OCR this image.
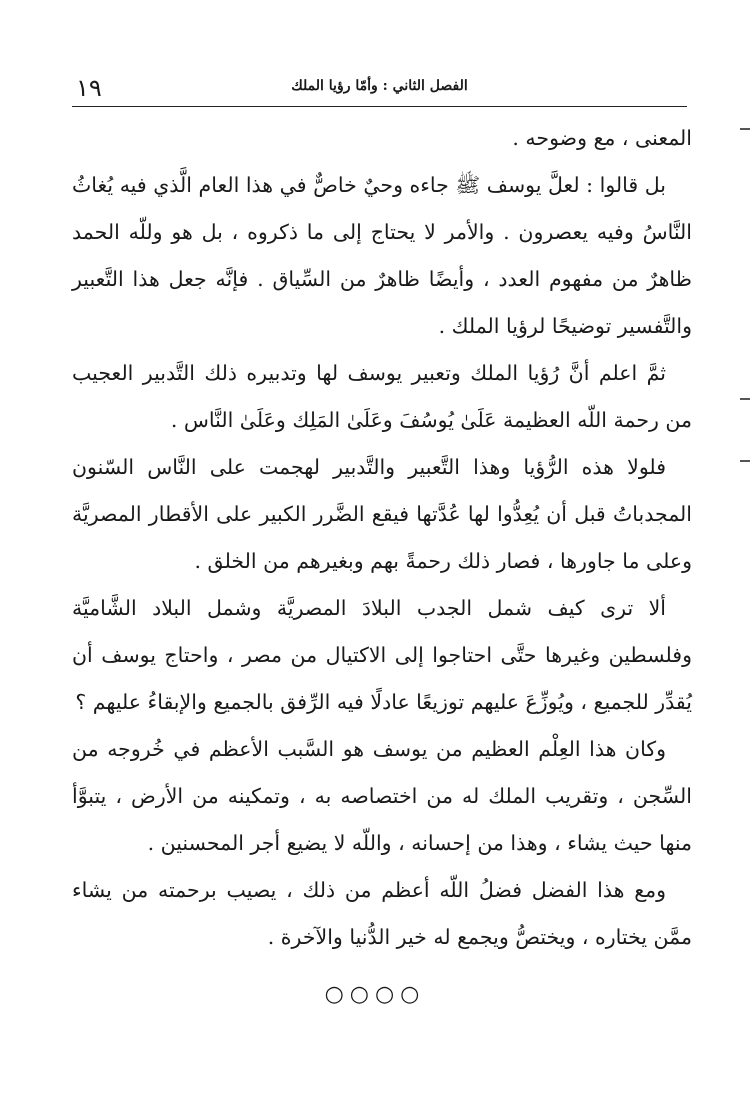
١٩	الفصل الثاني : وأمّا رؤيا الملك

المعنى ، مع وضوحه .

بل قالوا : لعلَّ يوسف ﷺ جاءه وحيٌ خاصٌّ في هذا العام الَّذي فيه يُغاثُ النَّاسُ وفيه يعصرون . والأمر لا يحتاج إلى ما ذكروه ، بل هو وللّه الحمد ظاهرٌ من مفهوم العدد ، وأيضًا ظاهرٌ من السِّياق . فإنَّه جعل هذا التَّعبير والتَّفسير توضيحًا لرؤيا الملك .

ثمَّ اعلم أنَّ رُؤيا الملك وتعبير يوسف لها وتدبيره ذلك التَّدبير العجيب من رحمة اللّه العظيمة عَلَىٰ يُوسُفَ وعَلَىٰ المَلِك وعَلَىٰ النَّاس .

فلولا هذه الرُّؤيا وهذا التَّعبير والتَّدبير لهجمت على النَّاس السّنون المجدباتُ قبل أن يُعِدُّوا لها عُدَّتها فيقع الضَّرر الكبير على الأقطار المصريَّة وعلى ما جاورها ، فصار ذلك رحمةً بهم وبغيرهم من الخلق .

ألا ترى كيف شمل الجدب البلادَ المصريَّة وشمل البلاد الشَّاميَّة وفلسطين وغيرها حتَّى احتاجوا إلى الاكتيال من مصر ، واحتاج يوسف أن يُقدِّر للجميع ، ويُوزِّعَ عليهم توزيعًا عادلًا فيه الرِّفق بالجميع والإبقاءُ عليهم ؟

وكان هذا العِلْم العظيم من يوسف هو السَّبب الأعظم في خُروجه من السِّجن ، وتقريب الملك له من اختصاصه به ، وتمكينه من الأرض ، يتبوَّأ منها حيث يشاء ، وهذا من إحسانه ، واللّه لا يضيع أجر المحسنين .

ومع هذا الفضل فضلُ اللّه أعظم من ذلك ، يصيب برحمته من يشاء ممَّن يختاره ، ويختصُّ ويجمع له خير الدُّنيا والآخرة .

○○○○
